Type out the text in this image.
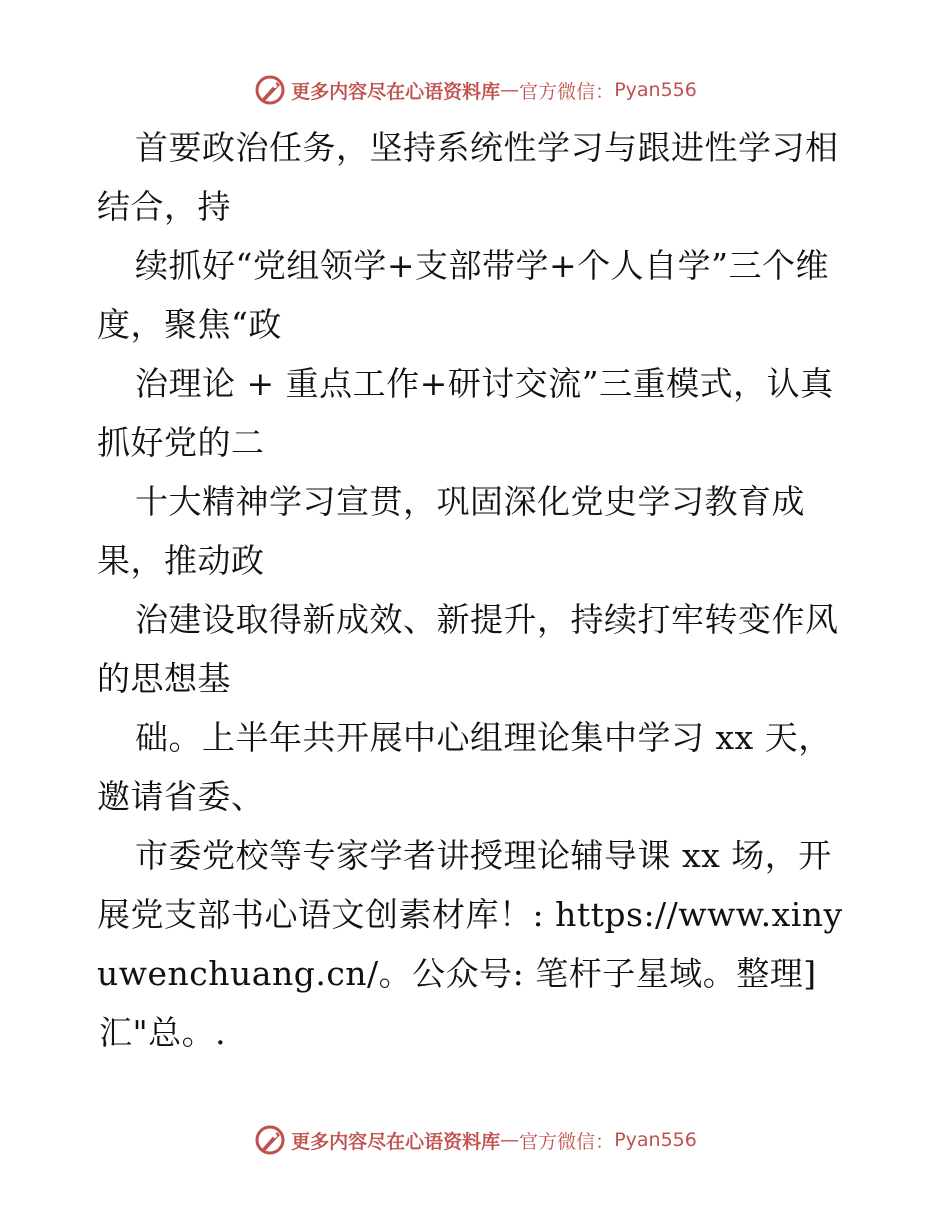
更多内容尽在心语资料库 — 官方微信： Pyan556
首要政治任务，坚持系统性学习与跟进性学习相
结合，持
续抓好“党组领学+支部带学+个人自学”三个维
度，聚焦“政
治理论 + 重点工作+研讨交流”三重模式，认真
抓好党的二
十大精神学习宣贯，巩固深化党史学习教育成
果，推动政
治建设取得新成效、新提升，持续打牢转变作风
的思想基
础。上半年共开展中心组理论集中学习 xx 天，
邀请省委、
市委党校等专家学者讲授理论辅导课 xx 场，开
展党支部书心语文创素材库！: https://www.xiny
uwenchuang.cn/。公众号: 笔杆子星域。整理]
汇"总。.
更多内容尽在心语资料库 — 官方微信： Pyan556
